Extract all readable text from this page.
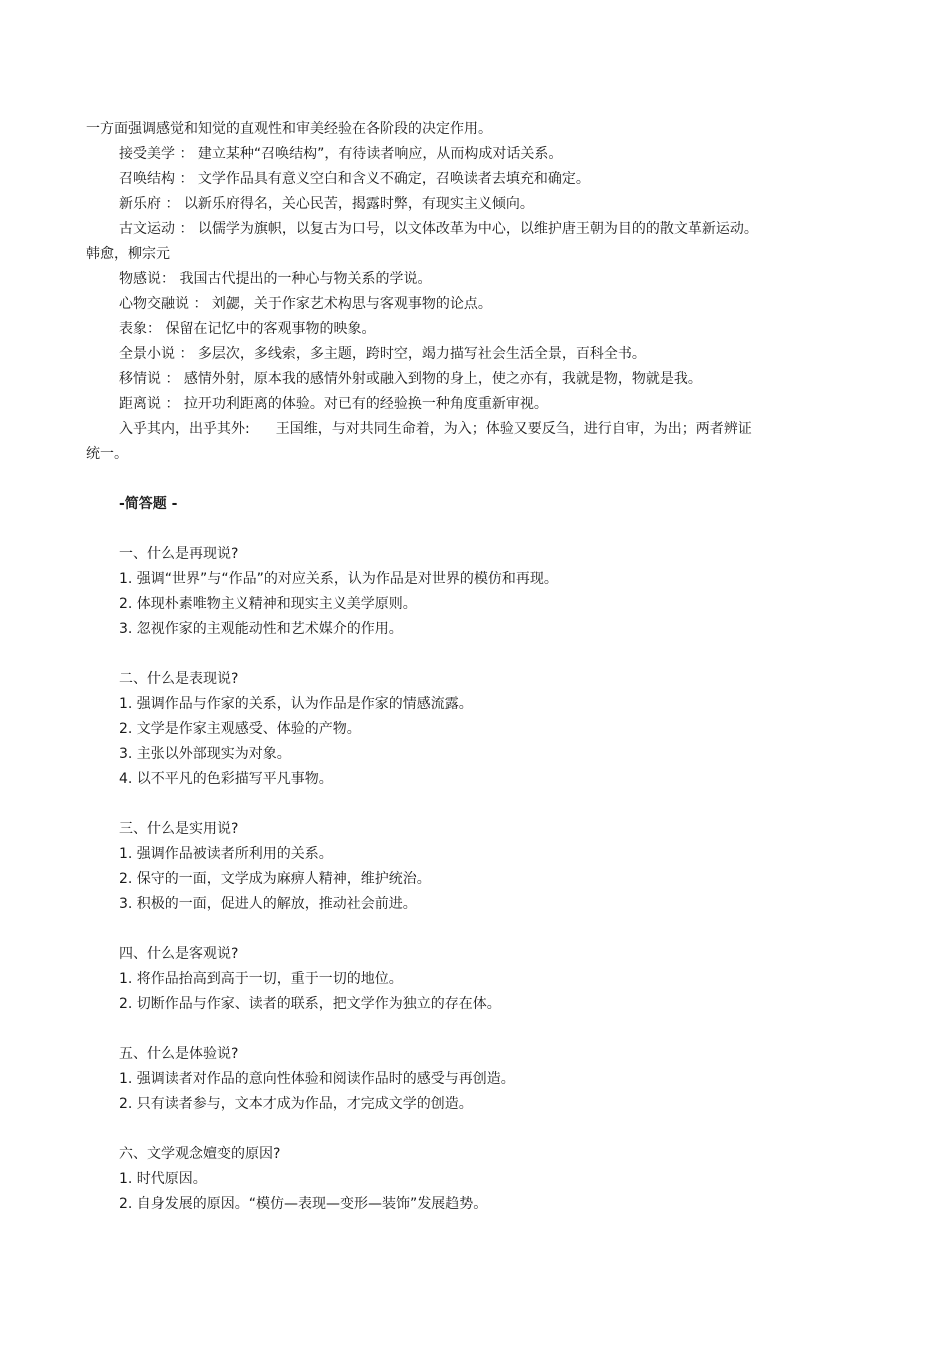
一方面强调感觉和知觉的直观性和审美经验在各阶段的决定作用。
接受美学 ： 建立某种“召唤结构”，有待读者响应，从而构成对话关系。
召唤结构 ： 文学作品具有意义空白和含义不确定，召唤读者去填充和确定。
新乐府 ： 以新乐府得名，关心民苦，揭露时弊，有现实主义倾向。
古文运动 ： 以儒学为旗帜，以复古为口号，以文体改革为中心，以维护唐王朝为目的的散文革新运动。
韩愈，柳宗元
物感说： 我国古代提出的一种心与物关系的学说。
心物交融说 ： 刘勰，关于作家艺术构思与客观事物的论点。
表象： 保留在记忆中的客观事物的映象。
全景小说 ： 多层次，多线索，多主题，跨时空，竭力描写社会生活全景，百科全书。
移情说 ： 感情外射，原本我的感情外射或融入到物的身上，使之亦有，我就是物，物就是我。
距离说 ： 拉开功利距离的体验。对已有的经验换一种角度重新审视。
入乎其内，出乎其外: 王国维，与对共同生命着，为入；体验又要反刍，进行自审，为出；两者辨证
统一。
-简答题 -
一、什么是再现说?
1. 强调“世界”与“作品”的对应关系，认为作品是对世界的模仿和再现。
2. 体现朴素唯物主义精神和现实主义美学原则。
3. 忽视作家的主观能动性和艺术媒介的作用。
二、什么是表现说?
1. 强调作品与作家的关系，认为作品是作家的情感流露。
2. 文学是作家主观感受、体验的产物。
3. 主张以外部现实为对象。
4. 以不平凡的色彩描写平凡事物。
三、什么是实用说?
1. 强调作品被读者所利用的关系。
2. 保守的一面，文学成为麻痹人精神，维护统治。
3. 积极的一面，促进人的解放，推动社会前进。
四、什么是客观说?
1. 将作品抬高到高于一切，重于一切的地位。
2. 切断作品与作家、读者的联系，把文学作为独立的存在体。
五、什么是体验说?
1. 强调读者对作品的意向性体验和阅读作品时的感受与再创造。
2. 只有读者参与，文本才成为作品，才完成文学的创造。
六、文学观念嬗变的原因?
1. 时代原因。
2. 自身发展的原因。“模仿—表现—变形—装饰”发展趋势。
